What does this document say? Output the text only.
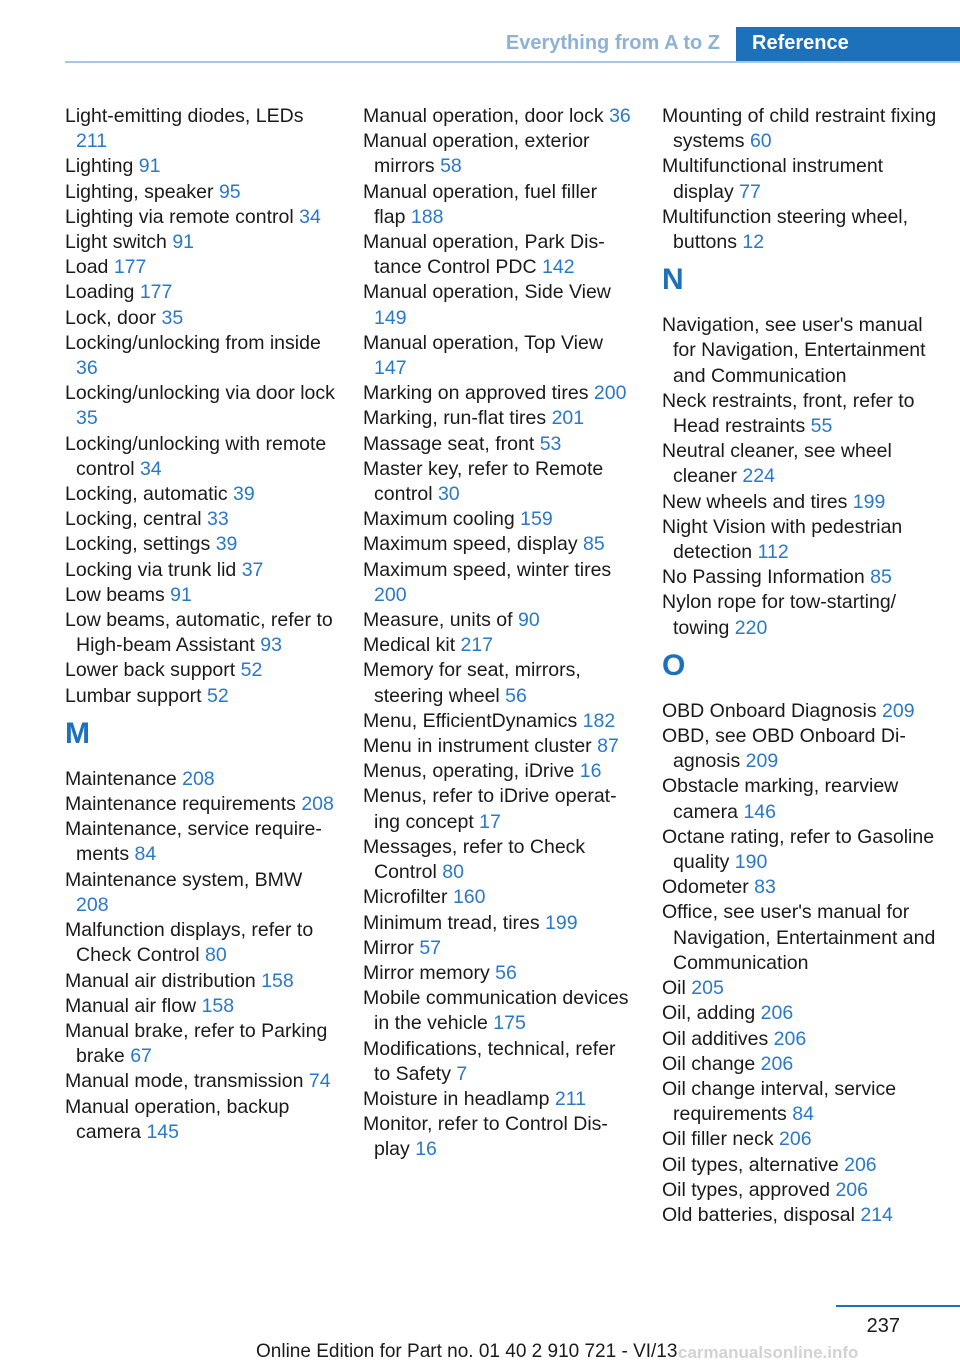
Everything from A to Z	Reference

Light-emitting diodes, LEDs 211

Lighting 91

Lighting, speaker 95

Lighting via remote control 34

Light switch 91

Load 177

Loading 177

Lock, door 35

Locking/unlocking from inside 36

Locking/unlocking via door lock 35

Locking/unlocking with remote control 34

Locking, automatic 39

Locking, central 33

Locking, settings 39

Locking via trunk lid 37

Low beams 91

Low beams, automatic, refer to High-beam Assistant 93

Lower back support 52

Lumbar support 52

M

Maintenance 208

Maintenance requirements 208

Maintenance, service requirements 84

Maintenance system, BMW 208

Malfunction displays, refer to Check Control 80

Manual air distribution 158

Manual air flow 158

Manual brake, refer to Parking brake 67

Manual mode, transmission 74

Manual operation, backup camera 145

Manual operation, door lock 36

Manual operation, exterior mirrors 58

Manual operation, fuel filler flap 188

Manual operation, Park Distance Control PDC 142

Manual operation, Side View 149

Manual operation, Top View 147

Marking on approved tires 200

Marking, run-flat tires 201

Massage seat, front 53

Master key, refer to Remote control 30

Maximum cooling 159

Maximum speed, display 85

Maximum speed, winter tires 200

Measure, units of 90

Medical kit 217

Memory for seat, mirrors, steering wheel 56

Menu, EfficientDynamics 182

Menu in instrument cluster 87

Menus, operating, iDrive 16

Menus, refer to iDrive operating concept 17

Messages, refer to Check Control 80

Microfilter 160

Minimum tread, tires 199

Mirror 57

Mirror memory 56

Mobile communication devices in the vehicle 175

Modifications, technical, refer to Safety 7

Moisture in headlamp 211

Monitor, refer to Control Display 16

Mounting of child restraint fixing systems 60

Multifunctional instrument display 77

Multifunction steering wheel, buttons 12

N

Navigation, see user's manual for Navigation, Entertainment and Communication

Neck restraints, front, refer to Head restraints 55

Neutral cleaner, see wheel cleaner 224

New wheels and tires 199

Night Vision with pedestrian detection 112

No Passing Information 85

Nylon rope for tow-starting/ towing 220

O

OBD Onboard Diagnosis 209

OBD, see OBD Onboard Diagnosis 209

Obstacle marking, rearview camera 146

Octane rating, refer to Gasoline quality 190

Odometer 83

Office, see user's manual for Navigation, Entertainment and Communication

Oil 205

Oil, adding 206

Oil additives 206

Oil change 206

Oil change interval, service requirements 84

Oil filler neck 206

Oil types, alternative 206

Oil types, approved 206

Old batteries, disposal 214

237
Online Edition for Part no. 01 40 2 910 721 - VI/13 carmanualsonline.info
